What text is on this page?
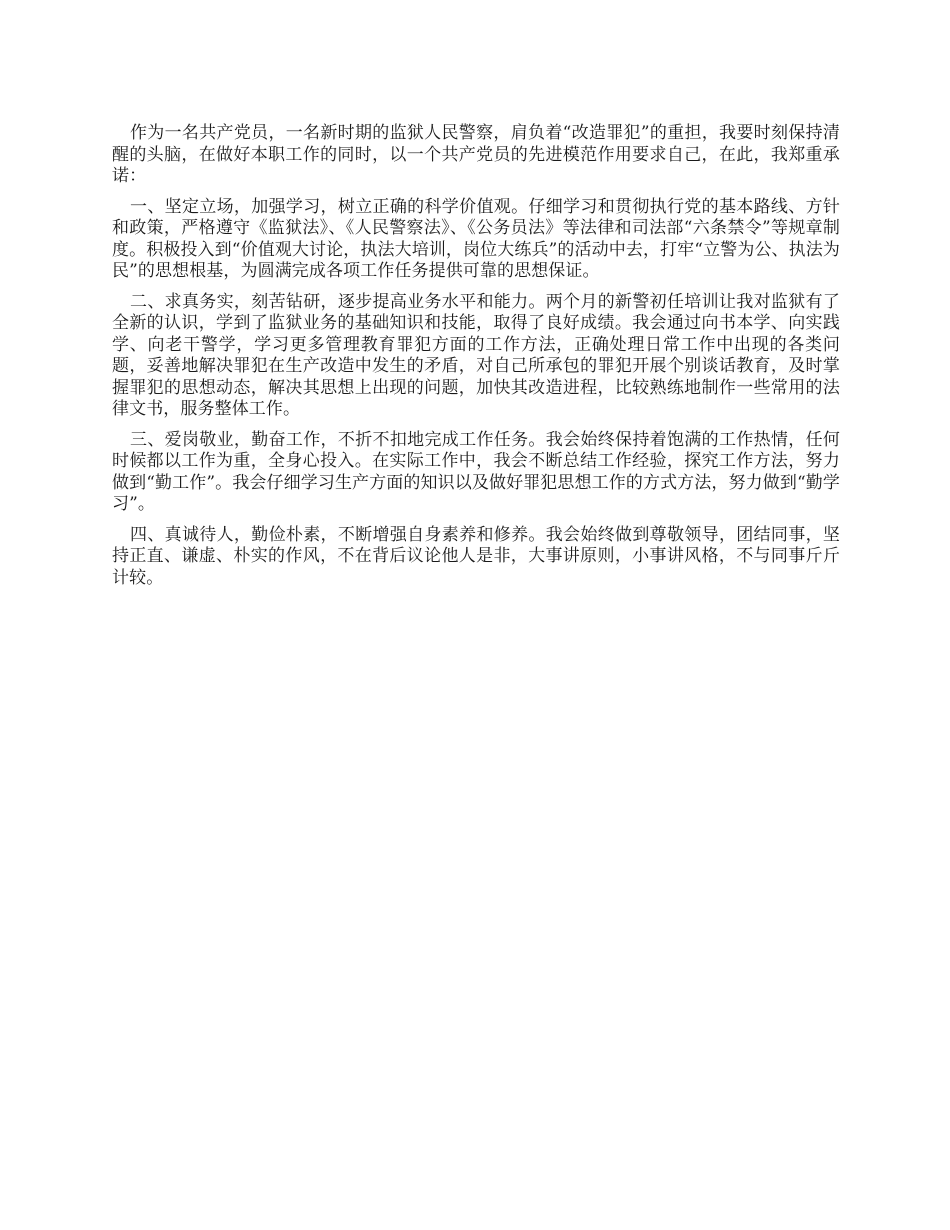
作为一名共产党员，一名新时期的监狱人民警察，肩负着“改造罪犯”的重担，我要时刻保持清醒的头脑，在做好本职工作的同时，以一个共产党员的先进模范作用要求自己，在此，我郑重承诺：

一、坚定立场，加强学习，树立正确的科学价值观。仔细学习和贯彻执行党的基本路线、方针和政策，严格遵守《监狱法》、《人民警察法》、《公务员法》等法律和司法部“六条禁令”等规章制度。积极投入到“价值观大讨论，执法大培训，岗位大练兵”的活动中去，打牢“立警为公、执法为民”的思想根基，为圆满完成各项工作任务提供可靠的思想保证。

二、求真务实，刻苦钻研，逐步提高业务水平和能力。两个月的新警初任培训让我对监狱有了全新的认识，学到了监狱业务的基础知识和技能，取得了良好成绩。我会通过向书本学、向实践学、向老干警学，学习更多管理教育罪犯方面的工作方法，正确处理日常工作中出现的各类问题，妥善地解决罪犯在生产改造中发生的矛盾，对自己所承包的罪犯开展个别谈话教育，及时掌握罪犯的思想动态，解决其思想上出现的问题，加快其改造进程，比较熟练地制作一些常用的法律文书，服务整体工作。

三、爱岗敬业，勤奋工作，不折不扣地完成工作任务。我会始终保持着饱满的工作热情，任何时候都以工作为重，全身心投入。在实际工作中，我会不断总结工作经验，探究工作方法，努力做到“勤工作”。我会仔细学习生产方面的知识以及做好罪犯思想工作的方式方法，努力做到“勤学习”。

四、真诚待人，勤俭朴素，不断增强自身素养和修养。我会始终做到尊敬领导，团结同事，坚持正直、谦虚、朴实的作风，不在背后议论他人是非，大事讲原则，小事讲风格，不与同事斤斤计较。
